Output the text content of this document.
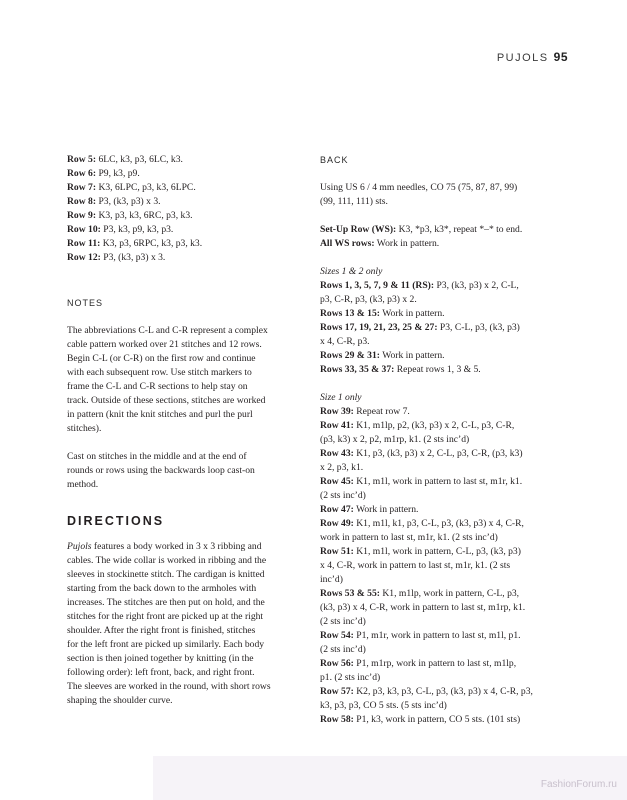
PUJOLS 95

Row 5: 6LC, k3, p3, 6LC, k3.

Row 6: P9, k3, p9.

Row 7: K3, 6LPC, p3, k3, 6LPC.

Row 8: P3, (k3, p3) x 3.

Row 9: K3, p3, k3, 6RC, p3, k3.

Row 10: P3, k3, p9, k3, p3.

Row 11: K3, p3, 6RPC, k3, p3, k3.

Row 12: P3, (k3, p3) x 3.

NOTES

The abbreviations C-L and C-R represent a complex

cable pattern worked over 21 stitches and 12 rows.

Begin C-L (or C-R) on the first row and continue

with each subsequent row. Use stitch markers to

frame the C-L and C-R sections to help stay on

track. Outside of these sections, stitches are worked

in pattern (knit the knit stitches and purl the purl

stitches).

Cast on stitches in the middle and at the end of

rounds or rows using the backwards loop cast-on

method.

DIRECTIONS

Pujols features a body worked in 3 x 3 ribbing and

cables. The wide collar is worked in ribbing and the

sleeves in stockinette stitch. The cardigan is knitted

starting from the back down to the armholes with

increases. The stitches are then put on hold, and the

stitches for the right front are picked up at the right

shoulder. After the right front is finished, stitches

for the left front are picked up similarly. Each body

section is then joined together by knitting (in the

following order): left front, back, and right front.

The sleeves are worked in the round, with short rows

shaping the shoulder curve.

BACK

Using US 6 / 4 mm needles, CO 75 (75, 87, 87, 99)

(99, 111, 111) sts.

Set-Up Row (WS): K3, *p3, k3*, repeat *–* to end.

All WS rows: Work in pattern.

Sizes 1 & 2 only

Rows 1, 3, 5, 7, 9 & 11 (RS): P3, (k3, p3) x 2, C-L,

p3, C-R, p3, (k3, p3) x 2.

Rows 13 & 15: Work in pattern.

Rows 17, 19, 21, 23, 25 & 27: P3, C-L, p3, (k3, p3)

x 4, C-R, p3.

Rows 29 & 31: Work in pattern.

Rows 33, 35 & 37: Repeat rows 1, 3 & 5.

Size 1 only

Row 39: Repeat row 7.

Row 41: K1, m1lp, p2, (k3, p3) x 2, C-L, p3, C-R,

(p3, k3) x 2, p2, m1rp, k1. (2 sts inc’d)

Row 43: K1, p3, (k3, p3) x 2, C-L, p3, C-R, (p3, k3)

x 2, p3, k1.

Row 45: K1, m1l, work in pattern to last st, m1r, k1.

(2 sts inc’d)

Row 47: Work in pattern.

Row 49: K1, m1l, k1, p3, C-L, p3, (k3, p3) x 4, C-R,

work in pattern to last st, m1r, k1. (2 sts inc’d)

Row 51: K1, m1l, work in pattern, C-L, p3, (k3, p3)

x 4, C-R, work in pattern to last st, m1r, k1. (2 sts

inc’d)

Rows 53 & 55: K1, m1lp, work in pattern, C-L, p3,

(k3, p3) x 4, C-R, work in pattern to last st, m1rp, k1.

(2 sts inc’d)

Row 54: P1, m1r, work in pattern to last st, m1l, p1.

(2 sts inc’d)

Row 56: P1, m1rp, work in pattern to last st, m1lp,

p1. (2 sts inc’d)

Row 57: K2, p3, k3, p3, C-L, p3, (k3, p3) x 4, C-R, p3,

k3, p3, p3, CO 5 sts. (5 sts inc’d)

Row 58: P1, k3, work in pattern, CO 5 sts. (101 sts)

FashionForum.ru
